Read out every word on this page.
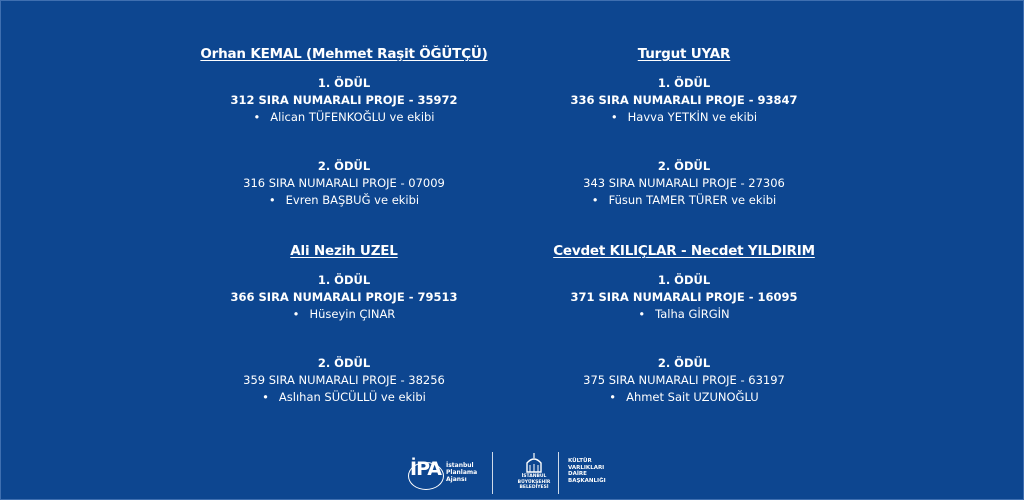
Orhan KEMAL (Mehmet Raşit ÖĞÜTÇÜ)
1. ÖDÜL
312 SIRA NUMARALI PROJE - 35972
• Alican TÜFENKOĞLU ve ekibi
2. ÖDÜL
316 SIRA NUMARALI PROJE - 07009
• Evren BAŞBUĞ ve ekibi
Turgut UYAR
1. ÖDÜL
336 SIRA NUMARALI PROJE - 93847
• Havva YETKİN ve ekibi
2. ÖDÜL
343 SIRA NUMARALI PROJE - 27306
• Füsun TAMER TÜRER ve ekibi
Ali Nezih UZEL
1. ÖDÜL
366 SIRA NUMARALI PROJE - 79513
• Hüseyin ÇINAR
2. ÖDÜL
359 SIRA NUMARALI PROJE - 38256
• Aslıhan SÜCÜLLÜ ve ekibi
Cevdet KILIÇLAR - Necdet YILDIRIM
1. ÖDÜL
371 SIRA NUMARALI PROJE - 16095
• Talha GİRGİN
2. ÖDÜL
375 SIRA NUMARALI PROJE - 63197
• Ahmet Sait UZUNOĞLU
İPA İstanbul
Planlama
Ajansı	İSTANBUL
BÜYÜKŞEHİR
BELEDİYESİ
KÜLTÜR
VARLIKLARI
DAİRE
BAŞKANLIĞI
